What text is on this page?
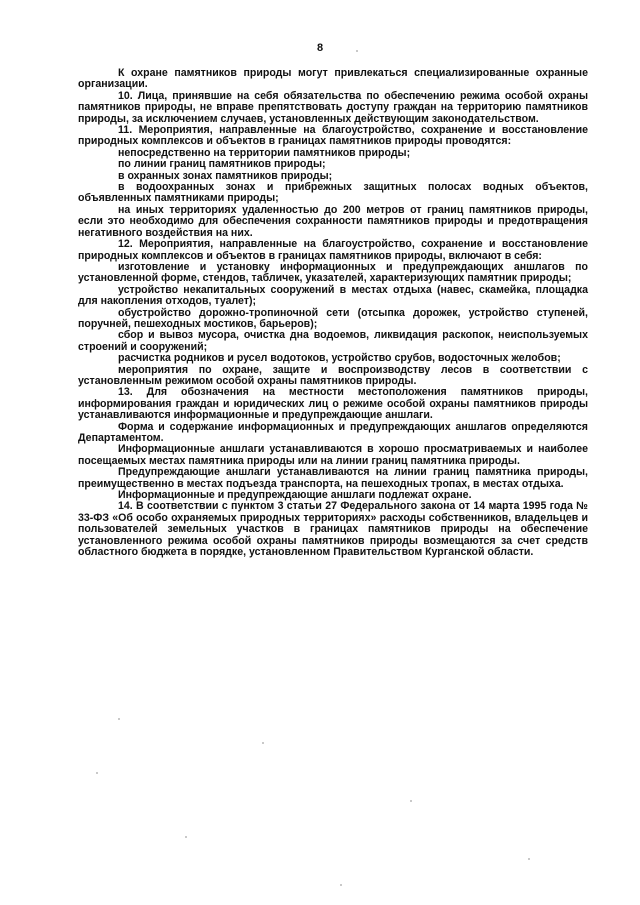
8

К охране памятников природы могут привлекаться специализированные охранные организации.

10. Лица, принявшие на себя обязательства по обеспечению режима особой охраны памятников природы, не вправе препятствовать доступу граждан на территорию памятников природы, за исключением случаев, установленных действующим законодательством.

11. Мероприятия, направленные на благоустройство, сохранение и восстановление природных комплексов и объектов в границах памятников природы проводятся:

непосредственно на территории памятников природы;

по линии границ памятников природы;

в охранных зонах памятников природы;

в водоохранных зонах и прибрежных защитных полосах водных объектов, объявленных памятниками природы;

на иных территориях удаленностью до 200 метров от границ памятников природы, если это необходимо для обеспечения сохранности памятников природы и предотвращения негативного воздействия на них.

12. Мероприятия, направленные на благоустройство, сохранение и восстановление природных комплексов и объектов в границах памятников природы, включают в себя:

изготовление и установку информационных и предупреждающих аншлагов по установленной форме, стендов, табличек, указателей, характеризующих памятник природы;

устройство некапитальных сооружений в местах отдыха (навес, скамейка, площадка для накопления отходов, туалет);

обустройство дорожно-тропиночной сети (отсыпка дорожек, устройство ступеней, поручней, пешеходных мостиков, барьеров);

сбор и вывоз мусора, очистка дна водоемов, ликвидация раскопок, неиспользуемых строений и сооружений;

расчистка родников и русел водотоков, устройство срубов, водосточных желобов;

мероприятия по охране, защите и воспроизводству лесов в соответствии с установленным режимом особой охраны памятников природы.

13. Для обозначения на местности местоположения памятников природы, информирования граждан и юридических лиц о режиме особой охраны памятников природы устанавливаются информационные и предупреждающие аншлаги.

Форма и содержание информационных и предупреждающих аншлагов определяются Департаментом.

Информационные аншлаги устанавливаются в хорошо просматриваемых и наиболее посещаемых местах памятника природы или на линии границ памятника природы.

Предупреждающие аншлаги устанавливаются на линии границ памятника природы, преимущественно в местах подъезда транспорта, на пешеходных тропах, в местах отдыха.

Информационные и предупреждающие аншлаги подлежат охране.

14. В соответствии с пунктом 3 статьи 27 Федерального закона от 14 марта 1995 года № 33-ФЗ «Об особо охраняемых природных территориях» расходы собственников, владельцев и пользователей земельных участков в границах памятников природы на обеспечение установленного режима особой охраны памятников природы возмещаются за счет средств областного бюджета в порядке, установленном Правительством Курганской области.
